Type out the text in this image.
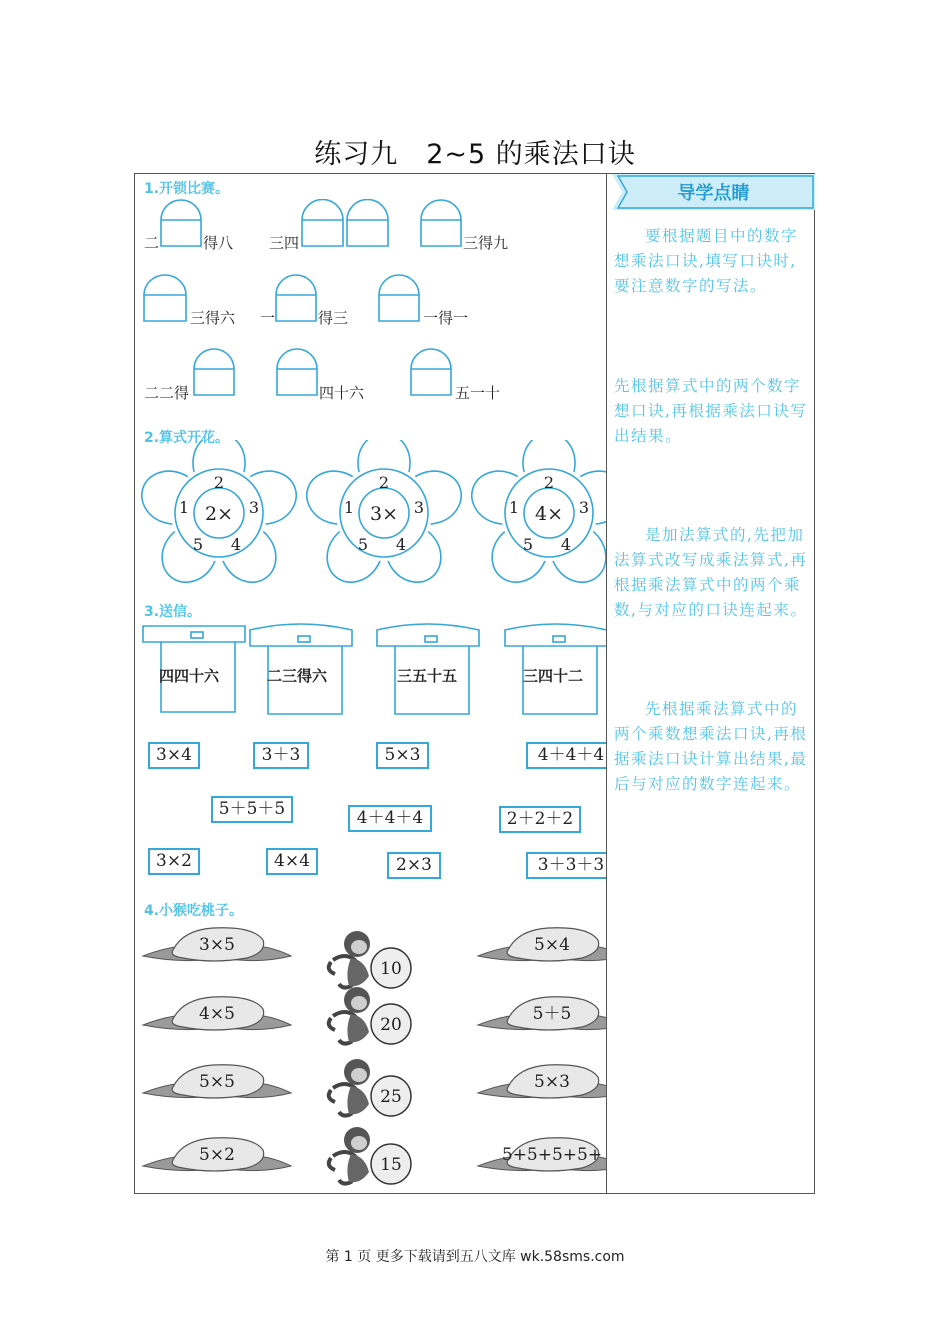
练习九　2~5 的乘法口诀
导学点睛
1.开锁比赛。
2.算式开花。
3.送信。
4.小猴吃桃子。
二	得八 三四	三得九
三得六 一	得三	一得一
二二得	四十六	五一十
2×
2
3
4
5
1	3×
2
3
4
5
1	4×
2
3
4
5
1
四四十六	二三得六	三五十五	三四十二
3×4	3＋3	5×3	4＋4＋4
5＋5＋5	4＋4＋4	2＋2＋2
3×2	4×4	2×3	3＋3＋3
3×5
4×5
5×5
5×2
5×4
5＋5
5×3
5+5+5+5+
10
20
25
15
要根据题目中的数字想乘法口诀,填写口诀时,要注意数字的写法。
先根据算式中的两个数字想口诀,再根据乘法口诀写出结果。
是加法算式的,先把加法算式改写成乘法算式,再根据乘法算式中的两个乘数,与对应的口诀连起来。
先根据乘法算式中的两个乘数想乘法口诀,再根据乘法口诀计算出结果,最后与对应的数字连起来。
第 1 页 更多下载请到五八文库 wk.58sms.com
